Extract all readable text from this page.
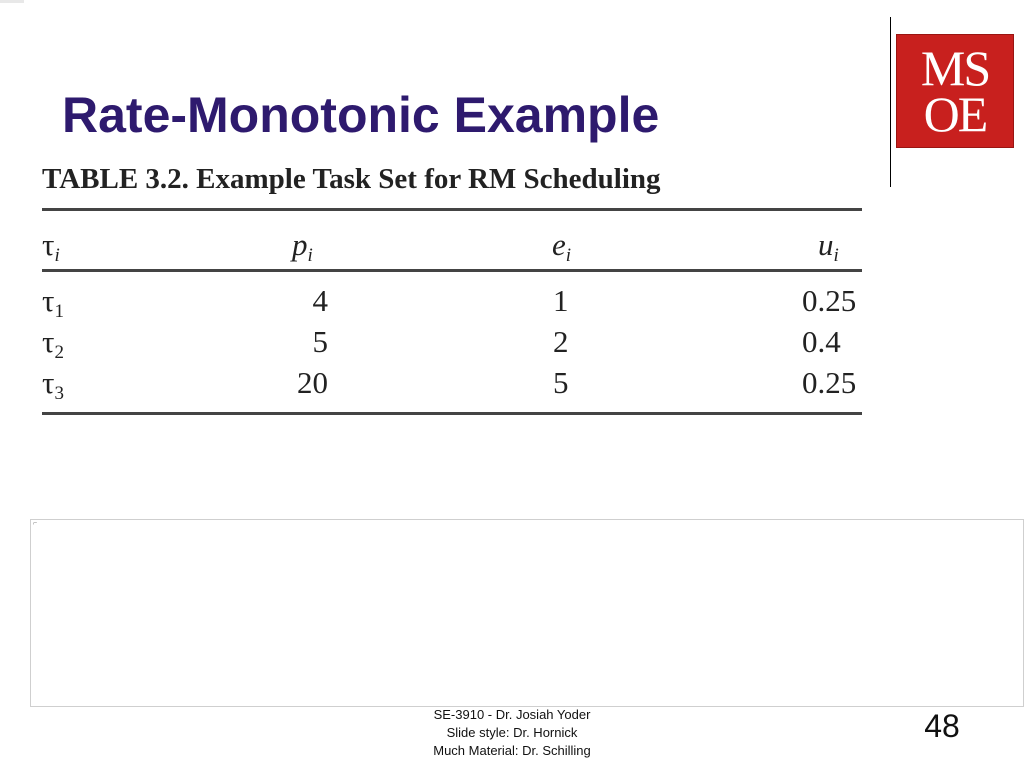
Rate-Monotonic Example
MS
OE
TABLE 3.2. Example Task Set for RM Scheduling
$\tau_i$	$p_i$	$e_i$	$u_i$
τ1	4	1	0.25
τ2	5	2	0.4
τ3	20	5	0.25
⌐
SE-3910 - Dr. Josiah Yoder
Slide style: Dr. Hornick
Much Material: Dr. Schilling
48
